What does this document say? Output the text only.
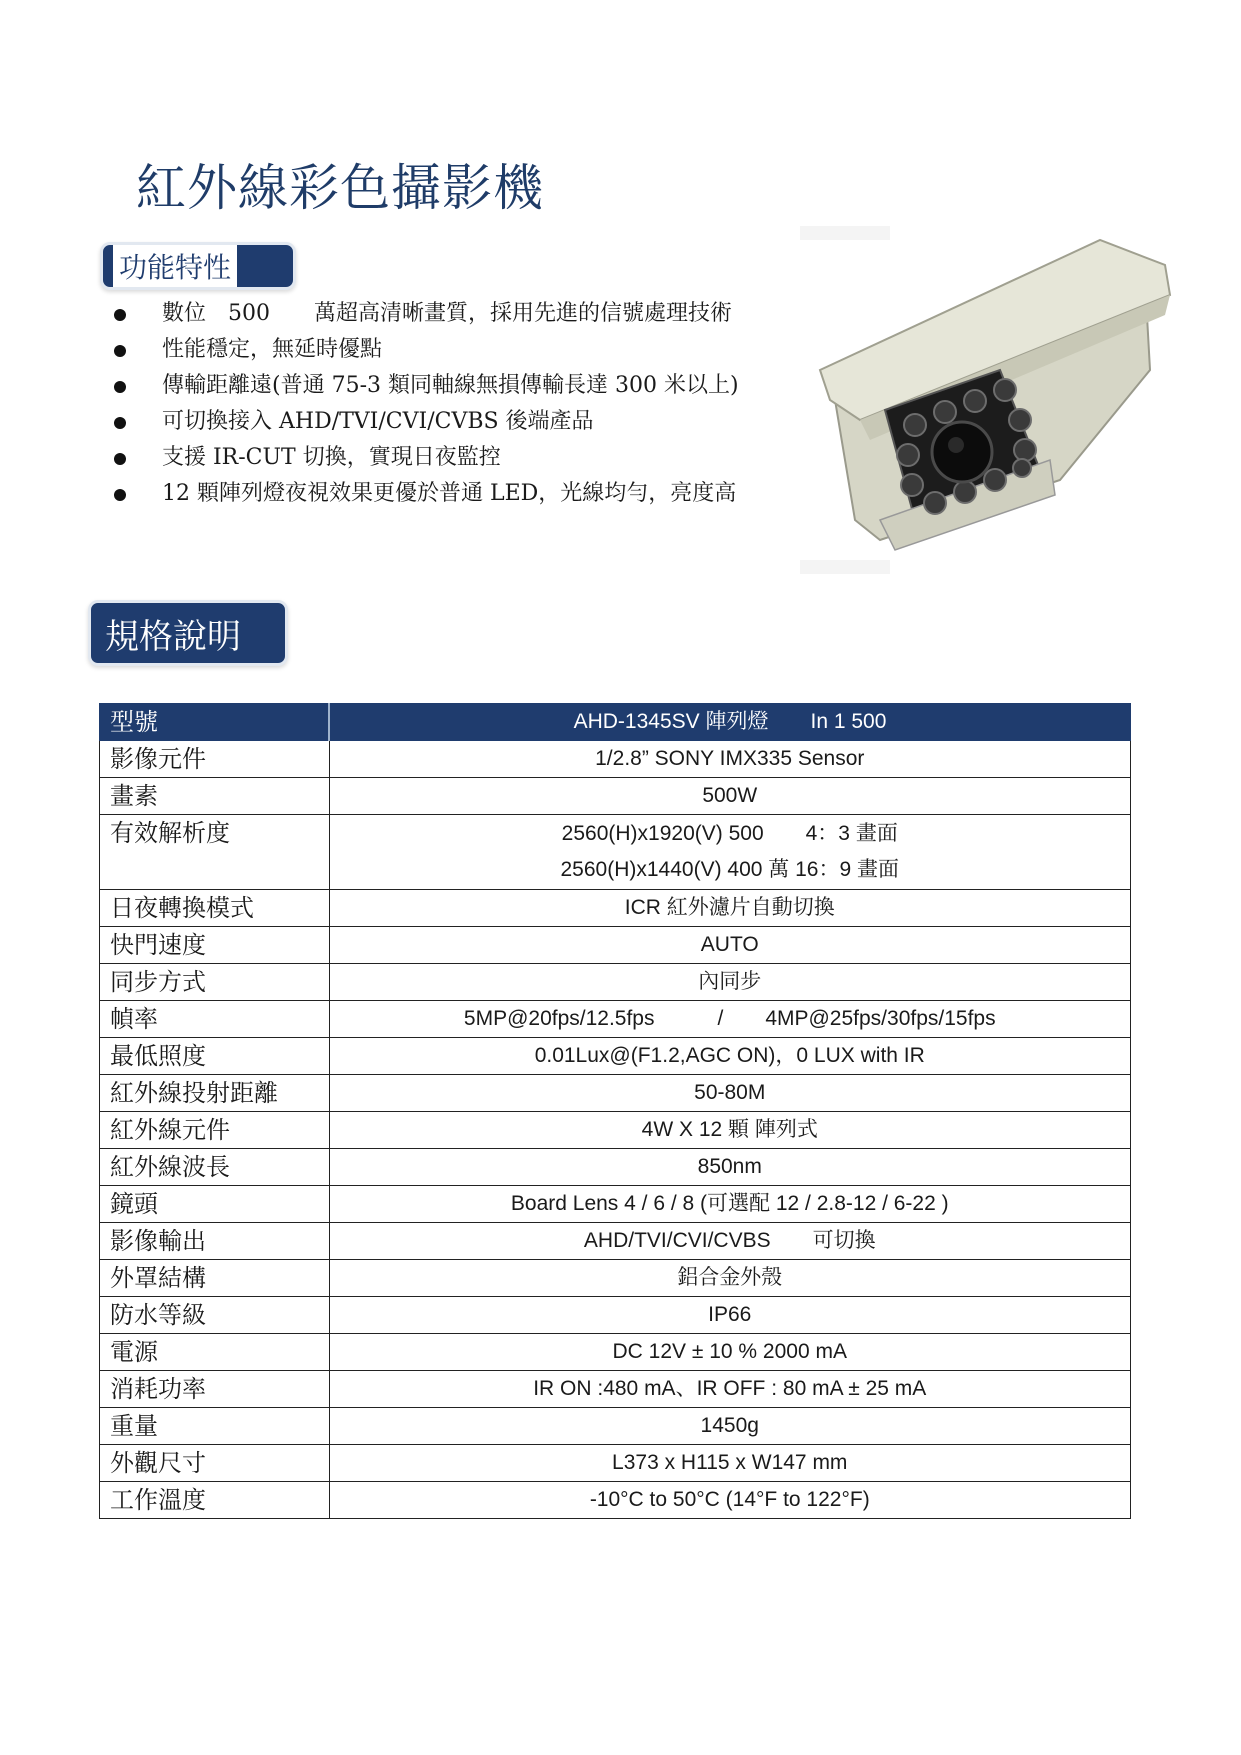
紅外線彩色攝影機
功能特性
數位　500　　萬超高清晰畫質，採用先進的信號處理技術
性能穩定，無延時優點
傳輸距離遠(普通 75-3 類同軸線無損傳輸長達 300 米以上)
可切換接入 AHD/TVI/CVI/CVBS 後端產品
支援 IR-CUT 切換，實現日夜監控
12 顆陣列燈夜視效果更優於普通 LED，光線均勻，亮度高
規格說明
型號	AHD-1345SV 陣列燈　　In 1 500
影像元件	1/2.8” SONY IMX335 Sensor
畫素	500W
有效解析度	2560(H)x1920(V) 500　　4：3 畫面
2560(H)x1440(V) 400 萬 16：9 畫面

日夜轉換模式	ICR 紅外濾片自動切換
快門速度	AUTO
同步方式	內同步
幀率	5MP@20fps/12.5fps　　　/　　4MP@25fps/30fps/15fps
最低照度	0.01Lux@(F1.2,AGC ON)，0 LUX with IR
紅外線投射距離	50-80M
紅外線元件	4W X 12 顆 陣列式
紅外線波長	850nm
鏡頭	Board Lens 4 / 6 / 8 (可選配 12 / 2.8-12 / 6-22 )
影像輸出	AHD/TVI/CVI/CVBS　　可切換
外罩結構	鋁合金外殼
防水等級	IP66
電源	DC 12V ± 10 % 2000 mA
消耗功率	IR ON :480 mA、IR OFF : 80 mA ± 25 mA
重量	1450g
外觀尺寸	L373 x H115 x W147 mm
工作溫度	-10°C to 50°C (14°F to 122°F)
